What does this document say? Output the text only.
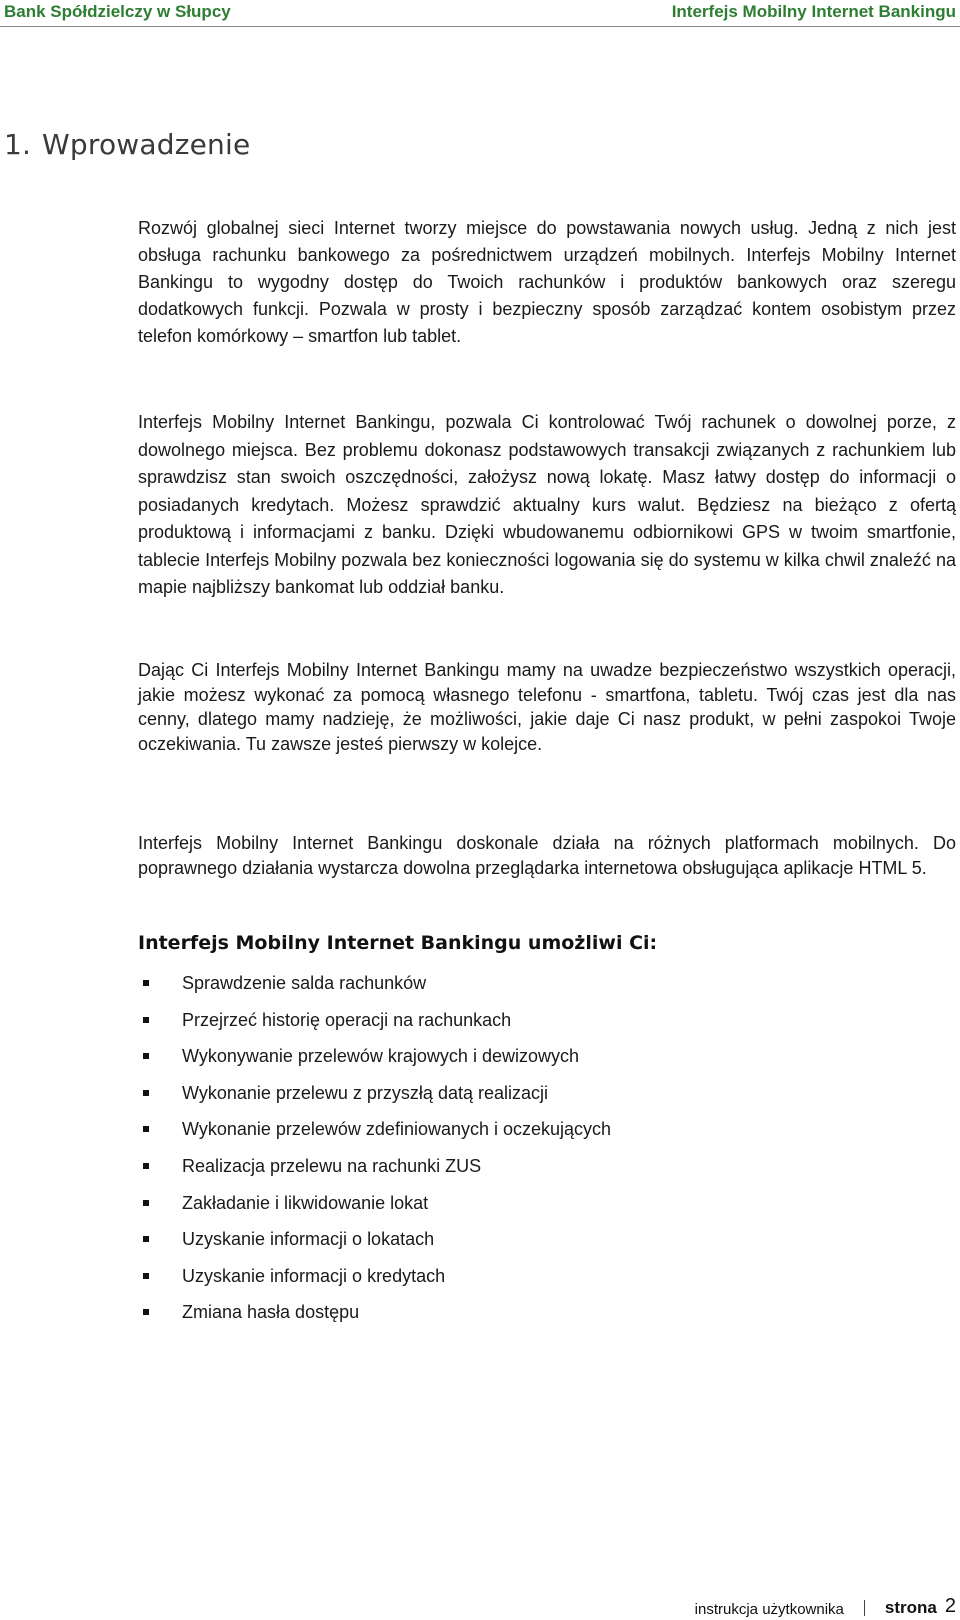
Bank Spółdzielczy w Słupcy	Interfejs Mobilny Internet Bankingu
1. Wprowadzenie

Rozwój globalnej sieci Internet tworzy miejsce do powstawania nowych usług. Jedną z nich jest obsługa rachunku bankowego za pośrednictwem urządzeń mobilnych. Interfejs Mobilny Internet Bankingu to wygodny dostęp do Twoich rachunków i produktów bankowych oraz szeregu dodatkowych funkcji. Pozwala w prosty i bezpieczny sposób zarządzać kontem osobistym przez telefon komórkowy – smartfon lub tablet.

Interfejs Mobilny Internet Bankingu, pozwala Ci kontrolować Twój rachunek o dowolnej porze, z dowolnego miejsca. Bez problemu dokonasz podstawowych transakcji związanych z rachunkiem lub sprawdzisz stan swoich oszczędności, założysz nową lokatę. Masz łatwy dostęp do informacji o posiadanych kredytach. Możesz sprawdzić aktualny kurs walut. Będziesz na bieżąco z ofertą produktową i informacjami z banku. Dzięki wbudowanemu odbiornikowi GPS w twoim smartfonie, tablecie Interfejs Mobilny pozwala bez konieczności logowania się do systemu w kilka chwil znaleźć na mapie najbliższy bankomat lub oddział banku.

Dając Ci Interfejs Mobilny Internet Bankingu mamy na uwadze bezpieczeństwo wszystkich operacji, jakie możesz wykonać za pomocą własnego telefonu - smartfona, tabletu. Twój czas jest dla nas cenny, dlatego mamy nadzieję, że możliwości, jakie daje Ci nasz produkt, w pełni zaspokoi Twoje oczekiwania. Tu zawsze jesteś pierwszy w kolejce.

Interfejs Mobilny Internet Bankingu doskonale działa na różnych platformach mobilnych. Do poprawnego działania wystarcza dowolna przeglądarka internetowa obsługująca aplikacje HTML 5.

Interfejs Mobilny Internet Bankingu umożliwi Ci:
Sprawdzenie salda rachunków
Przejrzeć historię operacji na rachunkach
Wykonywanie przelewów krajowych i dewizowych
Wykonanie przelewu z przyszłą datą realizacji
Wykonanie przelewów zdefiniowanych i oczekujących
Realizacja przelewu na rachunki ZUS
Zakładanie i likwidowanie lokat
Uzyskanie informacji o lokatach
Uzyskanie informacji o kredytach
Zmiana hasła dostępu
instrukcja użytkownika strona 2
